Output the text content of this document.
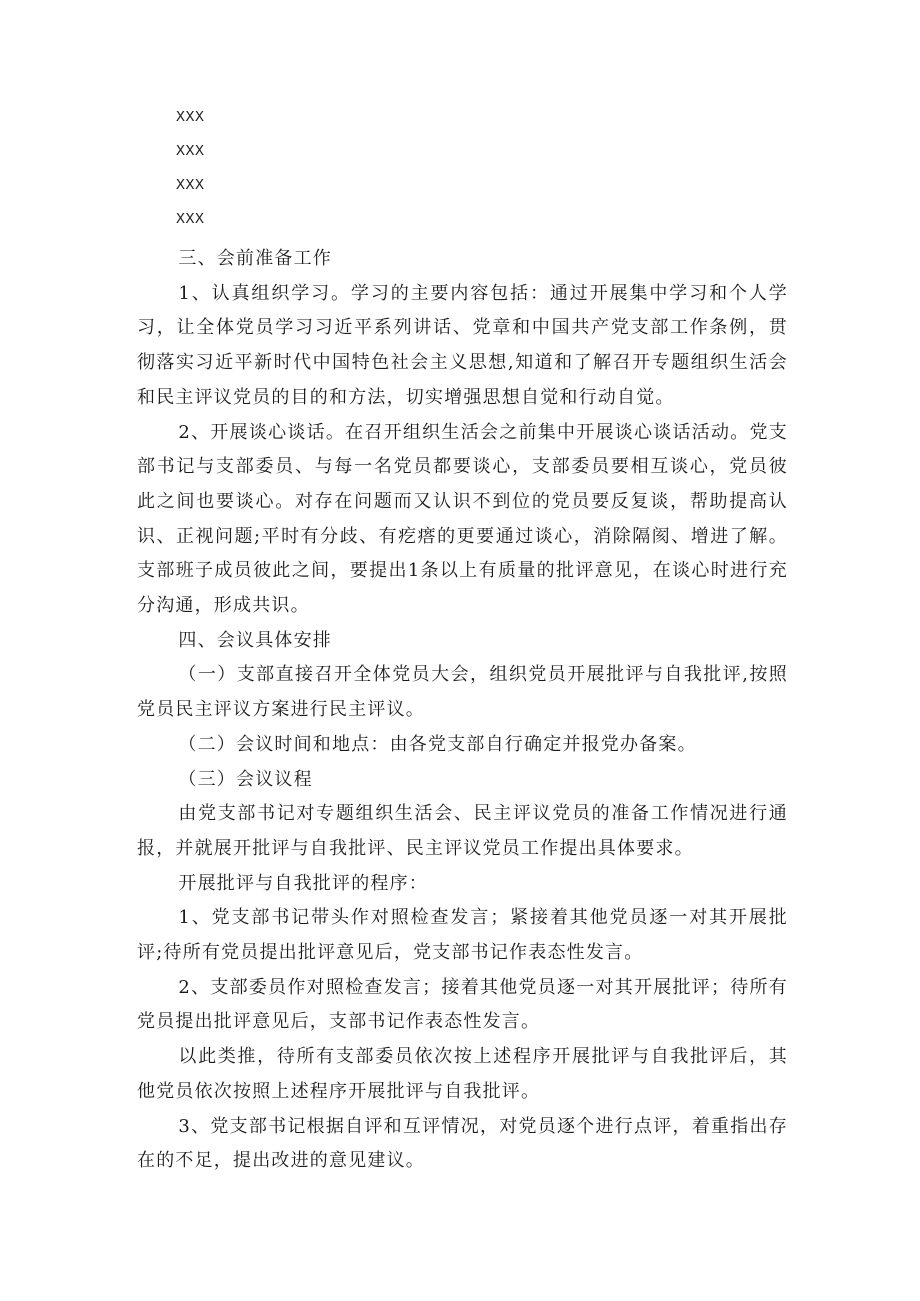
XXX
XXX
XXX
XXX

三、会前准备工作

1、认真组织学习。学习的主要内容包括：通过开展集中学习和个人学习，让全体党员学习习近平系列讲话、党章和中国共产党支部工作条例，贯彻落实习近平新时代中国特色社会主义思想,知道和了解召开专题组织生活会和民主评议党员的目的和方法，切实增强思想自觉和行动自觉。

2、开展谈心谈话。在召开组织生活会之前集中开展谈心谈话活动。党支部书记与支部委员、与每一名党员都要谈心，支部委员要相互谈心，党员彼此之间也要谈心。对存在问题而又认识不到位的党员要反复谈，帮助提高认识、正视问题;平时有分歧、有疙瘩的更要通过谈心，消除隔阂、增进了解。支部班子成员彼此之间，要提出1条以上有质量的批评意见，在谈心时进行充分沟通，形成共识。

四、会议具体安排

（一）支部直接召开全体党员大会，组织党员开展批评与自我批评,按照党员民主评议方案进行民主评议。

（二）会议时间和地点：由各党支部自行确定并报党办备案。

（三）会议议程

由党支部书记对专题组织生活会、民主评议党员的准备工作情况进行通报，并就展开批评与自我批评、民主评议党员工作提出具体要求。

开展批评与自我批评的程序：

1、党支部书记带头作对照检查发言；紧接着其他党员逐一对其开展批评;待所有党员提出批评意见后，党支部书记作表态性发言。

2、支部委员作对照检查发言；接着其他党员逐一对其开展批评；待所有党员提出批评意见后，支部书记作表态性发言。

以此类推，待所有支部委员依次按上述程序开展批评与自我批评后，其他党员依次按照上述程序开展批评与自我批评。

3、党支部书记根据自评和互评情况，对党员逐个进行点评，着重指出存在的不足，提出改进的意见建议。
